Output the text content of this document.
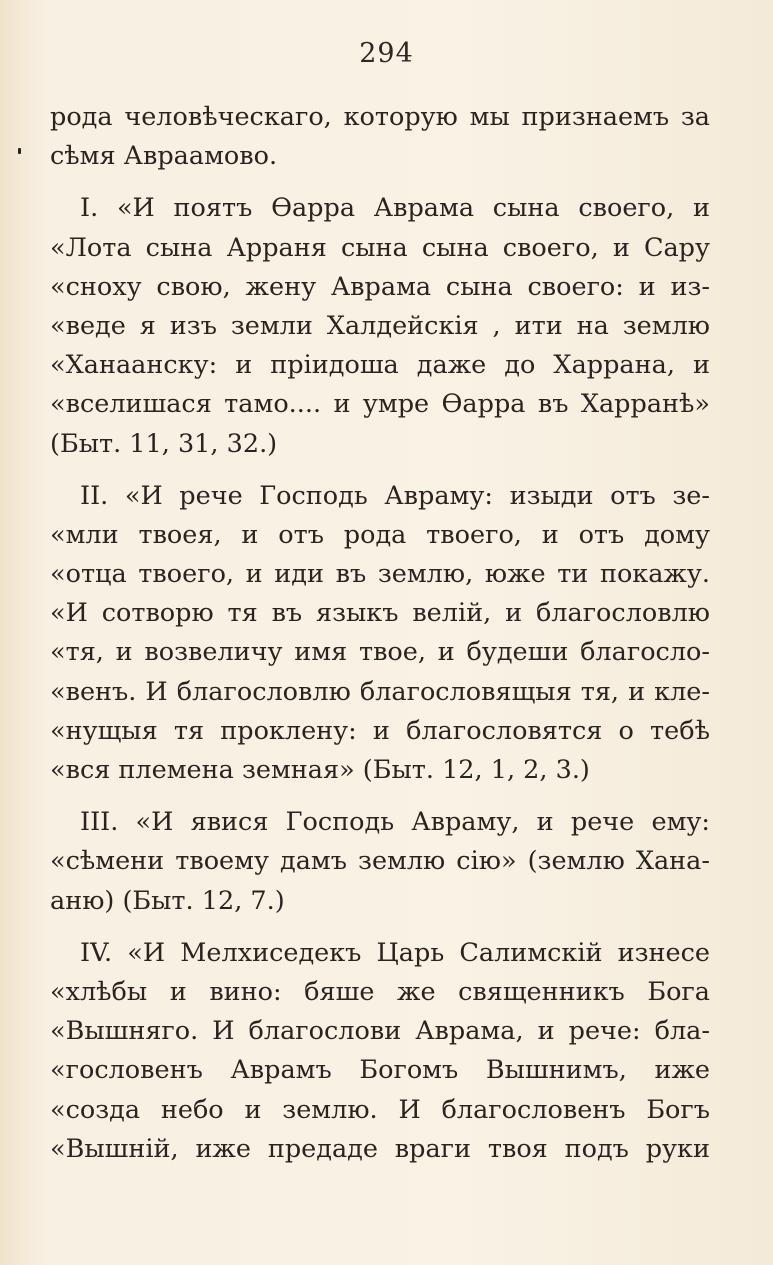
294
рода человѣческаго, которую мы признаемъ за
сѣмя Авраамово.
I. «И поятъ Өарра Аврама сына своего, и
«Лота сына Арраня сына сына своего, и Сару
«сноху свою, жену Аврама сына своего: и из-
«веде я изъ земли Халдейскія , ити на землю
«Ханаанску: и пріидоша даже до Харрана, и
«вселишася тамо.... и умре Өарра въ Харранѣ»
(Быт. 11, 31, 32.)
II. «И рече Господь Авраму: изыди отъ зе-
«мли твоея, и отъ рода твоего, и отъ дому
«отца твоего, и иди въ землю, юже ти покажу.
«И сотворю тя въ языкъ велій, и благословлю
«тя, и возвеличу имя твое, и будеши благосло-
«венъ. И благословлю благословящыя тя, и кле-
«нущыя тя проклену: и благословятся о тебѣ
«вся племена земная» (Быт. 12, 1, 2, 3.)
III. «И явися Господь Авраму, и рече ему:
«сѣмени твоему дамъ землю сію» (землю Ханa-
аню) (Быт. 12, 7.)
IV. «И Мелхиседекъ Царь Салимскій изнесе
«хлѣбы и вино: бяше же священникъ Бога
«Вышняго. И благослови Аврама, и рече: бла-
«гословенъ Аврамъ Богомъ Вышнимъ, иже
«созда небо и землю. И благословенъ Богъ
«Вышній, иже предаде враги твоя подъ руки
